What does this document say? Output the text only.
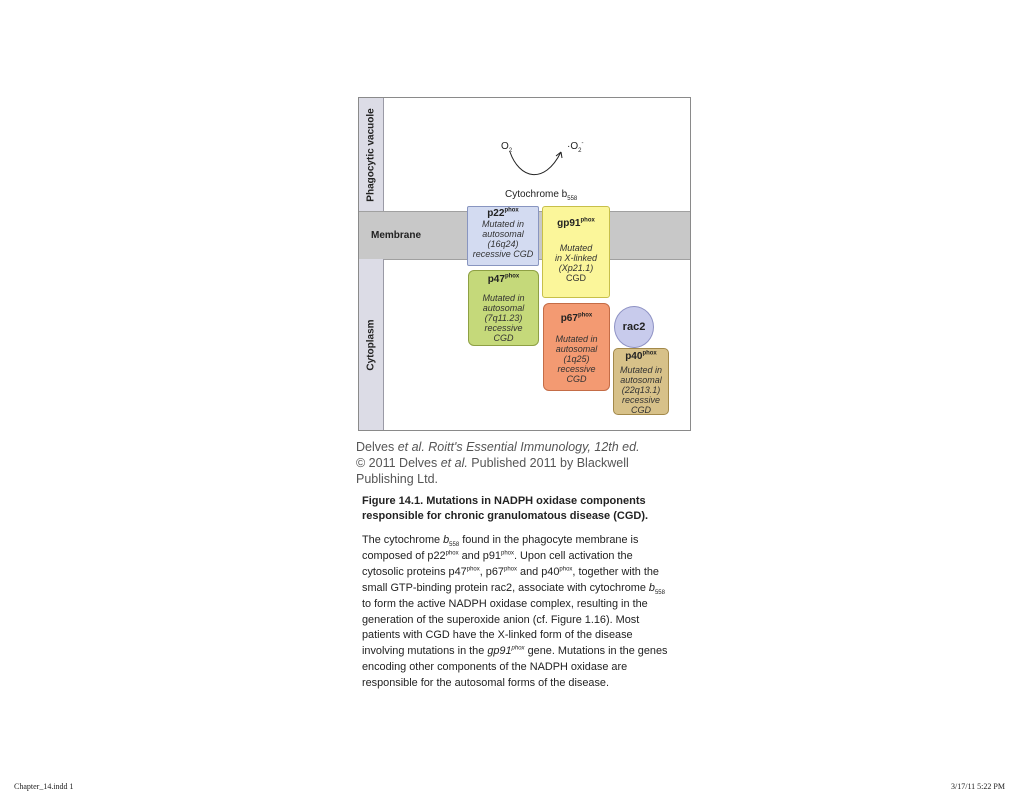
Phagocytic vacuole
Membrane
Cytoplasm
$O_2$	$\cdot O_2^-$
Cytochrome $b_{558}$
$p22^{phox}$
Mutated in
autosomal
(16q24)
recessive CGD
$gp91^{phox}$
Mutated
in X-linked
(Xp21.1)
CGD
$p47^{phox}$
Mutated in
autosomal
(7q11.23)
recessive
CGD
$p67^{phox}$
Mutated in
autosomal
(1q25)
recessive
CGD
rac2
$p40^{phox}$
Mutated in
autosomal
(22q13.1)
recessive
CGD
Delves et al. Roitt's Essential Immunology, 12th ed.
© 2011 Delves et al. Published 2011 by Blackwell
Publishing Ltd.
Figure 14.1. Mutations in NADPH oxidase components
responsible for chronic granulomatous disease (CGD).
The cytochrome $b_{558}$ found in the phagocyte membrane is
composed of $p22^{phox}$ and $p91^{phox}$. Upon cell activation the
cytosolic proteins $p47^{phox}$, $p67^{phox}$ and $p40^{phox}$, together with the
small GTP-binding protein rac2, associate with cytochrome $b_{558}$
to form the active NADPH oxidase complex, resulting in the
generation of the superoxide anion (cf. Figure 1.16). Most
patients with CGD have the X-linked form of the disease
involving mutations in the $gp91^{phox}$ gene. Mutations in the genes
encoding other components of the NADPH oxidase are
responsible for the autosomal forms of the disease.
Chapter_14.indd 1	3/17/11 5:22 PM
